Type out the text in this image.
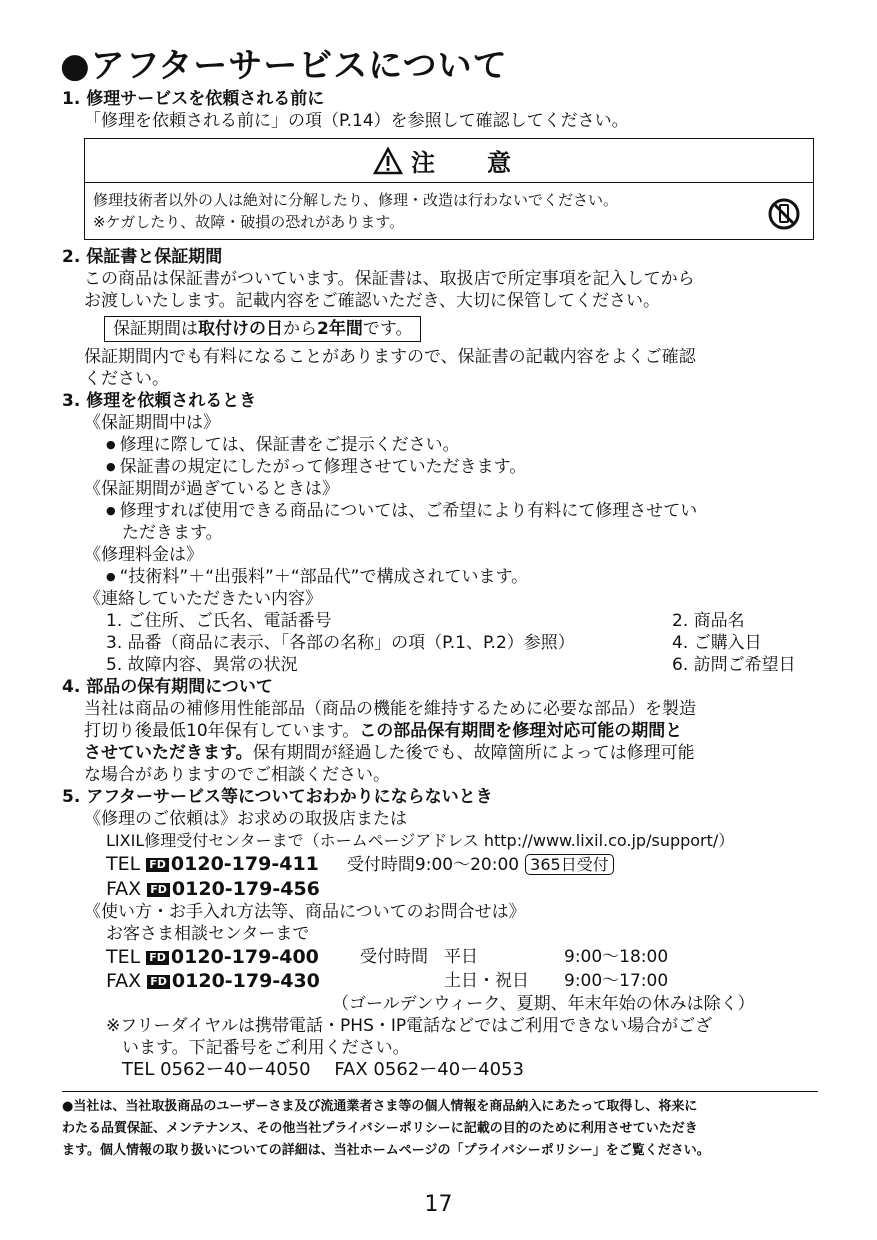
●アフターサービスについて
1. 修理サービスを依頼される前に
「修理を依頼される前に」の項（P.14）を参照して確認してください。
注　意
修理技術者以外の人は絶対に分解したり、修理・改造は行わないでください。
※ケガしたり、故障・破損の恐れがあります。
2. 保証書と保証期間
この商品は保証書がついています。保証書は、取扱店で所定事項を記入してから
お渡しいたします。記載内容をご確認いただき、大切に保管してください。
保証期間は取付けの日から2年間です。
保証期間内でも有料になることがありますので、保証書の記載内容をよくご確認
ください。
3. 修理を依頼されるとき
《保証期間中は》
● 修理に際しては、保証書をご提示ください。
● 保証書の規定にしたがって修理させていただきます。
《保証期間が過ぎているときは》
● 修理すれば使用できる商品については、ご希望により有料にて修理させてい
ただきます。
《修理料金は》
● “技術料”＋“出張料”＋“部品代”で構成されています。
《連絡していただきたい内容》
1. ご住所、ご氏名、電話番号	2. 商品名
3. 品番（商品に表示、「各部の名称」の項（P.1、P.2）参照）	4. ご購入日
5. 故障内容、異常の状況	6. 訪問ご希望日
4. 部品の保有期間について
当社は商品の補修用性能部品（商品の機能を維持するために必要な部品）を製造
打切り後最低10年保有しています。この部品保有期間を修理対応可能の期間と
させていただきます。保有期間が経過した後でも、故障箇所によっては修理可能
な場合がありますのでご相談ください。
5. アフターサービス等についておわかりにならないとき
《修理のご依頼は》お求めの取扱店または
LIXIL修理受付センターまで（ホームページアドレス http://www.lixil.co.jp/support/）
TEL FD 0120-179-411 受付時間9:00～20:00 365日受付
FAX FD 0120-179-456
《使い方・お手入れ方法等、商品についてのお問合せは》
お客さま相談センターまで
TEL FD 0120-179-400	受付時間 平日	9:00～18:00
FAX FD 0120-179-430	土日・祝日	9:00～17:00
（ゴールデンウィーク、夏期、年末年始の休みは除く）
※フリーダイヤルは携帯電話・PHS・IP電話などではご利用できない場合がござ
います。下記番号をご利用ください。
TEL 0562ー40ー4050　 FAX 0562ー40ー4053
●当社は、当社取扱商品のユーザーさま及び流通業者さま等の個人情報を商品納入にあたって取得し、将来に
わたる品質保証、メンテナンス、その他当社プライバシーポリシーに記載の目的のために利用させていただき
ます。個人情報の取り扱いについての詳細は、当社ホームページの「プライバシーポリシー」をご覧ください。
17
